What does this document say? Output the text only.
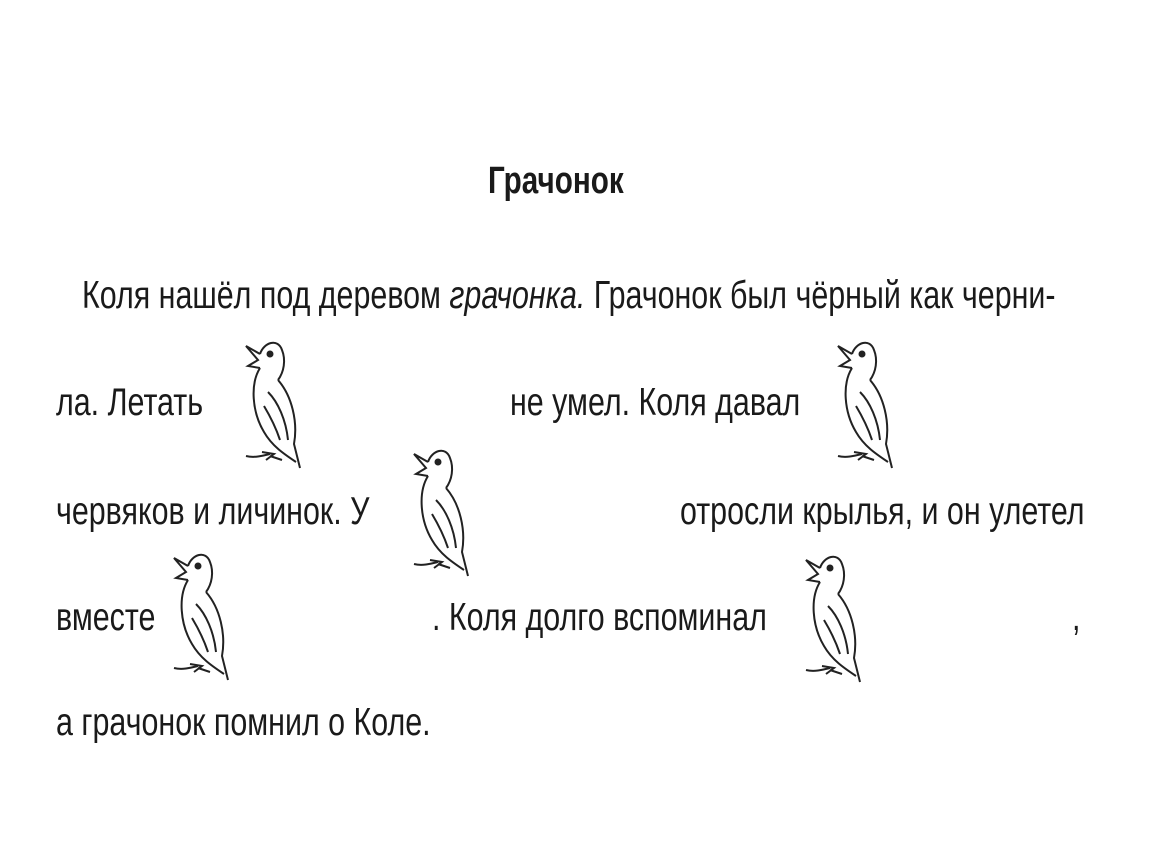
Грачонок
Коля нашёл под деревом грачонка. Грачонок был чёрный как черни-
ла. Летать	не умел. Коля давал
червяков и личинок. У	отросли крылья, и он улетел
вместе	. Коля долго вспоминал	,
а грачонок помнил о Коле.
